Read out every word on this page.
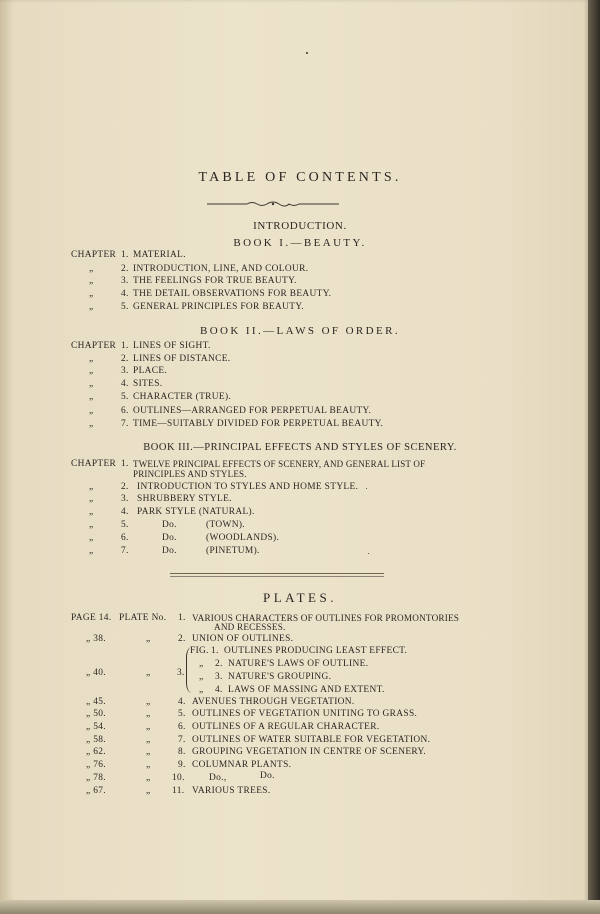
TABLE OF CONTENTS.
INTRODUCTION.
BOOK I.—BEAUTY.
CHAPTER 1. MATERIAL.
„	2. INTRODUCTION, LINE, AND COLOUR.
„	3. THE FEELINGS FOR TRUE BEAUTY.
„	4. THE DETAIL OBSERVATIONS FOR BEAUTY.
„	5. GENERAL PRINCIPLES FOR BEAUTY.
BOOK II.—LAWS OF ORDER.
CHAPTER 1. LINES OF SIGHT.
„	2. LINES OF DISTANCE.
„	3. PLACE.
„	4. SITES.
„	5. CHARACTER (TRUE).
„	6. OUTLINES—ARRANGED FOR PERPETUAL BEAUTY.
„	7. TIME—SUITABLY DIVIDED FOR PERPETUAL BEAUTY.
BOOK III.—PRINCIPAL EFFECTS AND STYLES OF SCENERY.
CHAPTER 1. TWELVE PRINCIPAL EFFECTS OF SCENERY, AND GENERAL LIST OF
PRINCIPLES AND STYLES.
„	2. INTRODUCTION TO STYLES AND HOME STYLE.
„	3. SHRUBBERY STYLE.
„	4. PARK STYLE (NATURAL).
„	5.	Do.	(TOWN).
„	6.	Do.	(WOODLANDS).
„	7.	Do.	(PINETUM).
PLATES.
PAGE 14. PLATE No. 1. VARIOUS CHARACTERS OF OUTLINES FOR PROMONTORIES
AND RECESSES.
„ 38.	„	2. UNION OF OUTLINES.
„ 40.	„	3.
FIG. 1. OUTLINES PRODUCING LEAST EFFECT.
„ 2. NATURE'S LAWS OF OUTLINE.
„ 3. NATURE'S GROUPING.
„ 4. LAWS OF MASSING AND EXTENT.
„ 45.	„	4. AVENUES THROUGH VEGETATION.
„ 50.	„	5. OUTLINES OF VEGETATION UNITING TO GRASS.
„ 54.	„	6. OUTLINES OF A REGULAR CHARACTER.
„ 58.	„	7. OUTLINES OF WATER SUITABLE FOR VEGETATION.
„ 62.	„	8. GROUPING VEGETATION IN CENTRE OF SCENERY.
„ 76.	„	9. COLUMNAR PLANTS.
„ 78.	„ 10.	Do.,	Do.
„ 67.	„ 11. VARIOUS TREES.
